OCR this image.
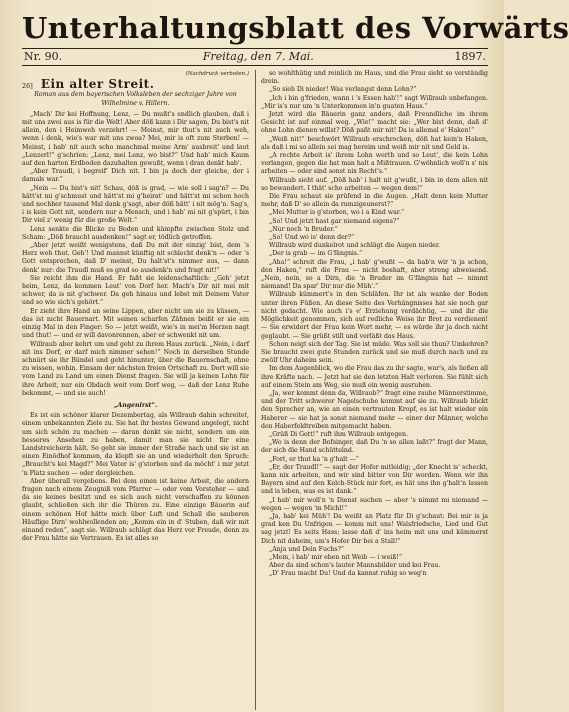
Unterhaltungsblatt des Vorwärts
Nr. 90.	Freitag, den 7. Mai.	1897.
(Nachdruck verboten.)
26] Ein alter Streit.

Roman aus dem bayerischen Volksleben der sechziger Jahre von Wilhelmine v. Hillern.

„Mach' Dir kei Hoffnung, Lenz, — Du mußt's endlich glauben, daß i mit uns zwei aus is für die Welt! Aber döß kann i Dir sagen, Du bist's nit allein, den i Heimweh verzehrt! — Meinst, mir thut's nit auch weh, wenn i denk, wie's war mit uns zwoa? Mei, mir is oft zum Sterben! — Meinst, i hab' nit auch scho manchmal meine Arm' ausbreit' und laut „Lenzerl!“ g'schrien: „Lenz, mei Lenz, wo bist?“ Und hab' mich Kaum auf den harten Erdboden dazuhalten gewußt, wenn i dran denkt hab'.

„Aber Traudl, i begreif' Dich nit. I bin ja doch der gleiche, der i damals war.“

„Nein — Du bist's nit! Schau, döß is grad, — wie soll i sag'n? — Du hätt'st mi g'schmust und hätt'st mi g'heirat' und hätt'st mi schon hoch und nochher tausend Mal dank g'sagt, aber döß hätt' i nit mög'n. Sag's, i is kein Gott nit, sondern nur a Mensch, und i hab' mi nit g'spürt, i bin Dir viel z' wenig für die große Welt.“

Lenz senkte die Blicke zu Boden und kämpfte zwischen Stolz und Scham: „Döß braucht ausdenken!“ sagt er, tödlich getroffen.

„Aber jetzt weißt wenigstens, daß Du mit der einzig' bist, dem 's Herz weh thut. Geh'! Und mannst künftig nit schlecht denk'n — oder 's Gott entsprechen, daß D' meinst, Du halt'st's nimmer aus, — dann denk' nur: die Traudl muß es grad so ausdenk'n und fragt nit!“

Sie reicht ihm die Hand. Er faßt sie leidenschaftlich: „Geh' jetzt heim, Lenz, da kommen Leut' von Dorf her. Mach's Dir nit mei mit schwer, da is nit g'schwer. Da geh hinaus und lebst mit Deinem Vater und so wie sich's gehört.“

Er zieht ihre Hand an seine Lippen, aber nicht um sie zu küssen, — das ist nicht Bauernart. Mit seinen scharfen Zähnen beißt er sie ein einzig Mal in den Finger: So — jetzt weißt, wie's in mei'm Herzen nagt und thut! — und er will davonrennen, aber er schwenkt nit um.

Willraub aber kehrt um und geht zu ihrem Haus zurück. „Nein, i darf nit ins Dorf, er darf mich nimmer sehen!“ Noch in derselben Stunde schnürt sie ihr Bündel und geht hinunter, über die Bauernschaft, ohne zu wissen, wohin. Einsam der nächsten freien Ortschaft zu. Dort will sie vom Land zu Land um einen Dienst fragen. Sie will ja keinen Lohn für ihre Arbeit, nur ein Obdach weit vom Dorf weg, — daß der Lenz Ruhe bekommt, — und sie auch!

„Angenirst“.

Es ist ein schöner klarer Dezembertag, als Willraub dahin schreitet, einem unbekannten Ziele zu. Sie hat ihr bestes Gewand angelegt, nicht um sich schön zu machen — daran denkt sie nicht, sondern um ein besseres Ansehen zu haben, damit man sie nicht für eine Landstreicherin hält. So geht sie immer der Straße nach und sie ist an einen Einödhof kommen, da klopft sie an und wiederholt den Spruch: „Braucht's kei Magd?“ Mei Vater is' g'storben und da möcht' i mir jetzt 'n Platz suchen — oder dergleichen.

Aber überall vergebens. Bei dem einen ist keine Arbeit, die andern fragen nach einem Zeugniß vom Pfarrer — oder vom Vorsteher — und da sie keines besitzt und es sich auch nicht verschaffen zu können glaubt, schließen sich ihr die Thüren zu. Eine einzige Bäuerin auf einem schönen Hof hätte mich über Luft und Schall die sauberen Häuflige Dirn' wohlwollenden an; „Komm ein in d' Stuben, daß wir mit einand reden“, sagt sie. Willraub schlägt das Herz vor Freude, denn zu der Frau hätte sie Vertrauen. Es ist alles so

so wohlthätig und reinlich im Haus, und die Frau sieht so verständig drein.

„So sieh Di nieder! Was verlangst denn Lohn?“

„Ich i bin g'frieden, wann i 's Essen hab'!“ sagt Willraub unbefangen. „Mir is's nur um 'n Unterkommen in'n guaten Haus.“

Jetzt wird die Bäuerin ganz anders, daß Freundliche im ihrem Gesicht ist auf einmal weg. „Wie!“ macht sie: „Wer bist denn, daß d' ohne Lohn dienen willst? Döß paßt mir nit! Da is allemal e' Haken!“

„Weiß nit!“ beschwört Willraub erschrocken, döß hat kein'n Haken, als daß i mi so allein sei mag hereim und weiß mir nit und Geld is.

„A rechte Arbeit is' ihrem Lohn werth und so Leut', die kein Lohn verlangen, gegen die hat man halt a Mißtrauen. G'wöhnlich woll'n s' nix arbeiten — oder sind sonst nix Recht's.“

Willraub sieht auf. „Döß hab' i halt nit g'wußt, i bin in dem allen nit so bewandert. I thät' scho arbeiten — wegen dem!“

Die Frau schaut sie prüfend in die Augen. „Halt denn kein Mutter mehr, daß D' so allein da rumzigeunerst?“

„Mei Mutter is g'storben, wo i a Kind war.“

„So! Und jetzt hast gar niemand eigens?“

„Nur noch 'n Bruder.“

„So! Und wo is' denn der?“

Willraub wird dunkelrot und schlägt die Augen nieder.

„Der is grab — im G'fängnis.“

„Aha!“ schreit die Frau, „i hab' g'wußt — da hab'n wir 'n ja schon, den Haken,“ ruft die Frau — nicht boshaft, aber streng abweisend. „Nein, nein, so a Dirn, die 'n Bruder im G'fängnis hat — nimmt niemand! Da spar' Dir nur die Müh'.“

Willraub kümmert's in den Schläfen. Ihr ist als wanke der Boden unter ihren Füßen. An diese Seite des Verhängnisses hat sie noch gar nicht gedacht. Wie auch i's e' Erziehung verdächtig, — und ihr die Möglichkeit genommen, sich auf redliche Weise ihr Brot zu verdienen! — Sie erwidert der Frau kein Wort mehr, — es würde ihr ja doch nicht geglaubt. — Sie grüßt still und verläßt das Haus.

Schon neigt sich der Tag. Sie ist müde. Was soll sie thun? Umkehren? Sie braucht zwei gute Stunden zurück und sie muß durch nach und zu zwölf Uhr daheim sein.

Im dem Augenblick, wo die Frau das zu ihr sagte, war's, als ließen all ihre Kräfte nach. — Jetzt hat sie den letzten Halt verloren. Sie fühlt sich auf einem Stein am Weg, sie muß ein wenig ausruhen.

„Ja, wer kommt denn da, Willraub?“ fragt eine rauhe Männerstimme, und der Tritt schwerer Nagelschuhe kommt auf sie zu. Willraub blickt den Sprecher an, wie an einen vertrauten Kropf, es ist halt wieder ein Haberer — sie hat ja sonst niemand mehr — einer der Männer, welche den Haberfeldtreiben mitgemacht haben.

„Grüß Di Gott!“ ruft ihm Willraub entgegen.

„Wo is denn der Bofsinger, daß Du 'n so allen laßt?“ fragt der Mann, der sich die Hand schüttelnd.

„Fort, er thut ka 'n g'halt —“

„Er, der Traudl!“ — sagt der Hofer mitleidig; „der Knecht is' scheckt, kann nix arbeiten, und wir sind bitter von Dir worden. Wenn wir ihn Bayern sind auf den Kelch-Stück mir fort, es hät uns ihn g'halt'n lassen und is leben, was es ist dank.“

„I hab' mir woll'n 'n Dienst suchen — aber 's nimmt mi niemand — wegen — wegen 'm Michl!“

„Ja, hab' kei Müh'! Da weißt an Platz für Di g'schaut: Bei mir is ja grad ken Du Unfrigen — komm mit uns! Walsfriedsche, Lied und Gut sag jetzt! Es seits Hass; lasse daß d' ins heim mit uns und kümmerst Dich nit daheim, um's Hofer Dir bei a Stall!“

„Anja und Dein Fuchs?“

„Mein, i hab' mir eben nit Weib — i weiß!“

Aber da sind schon's lauter Mannsbilder und kei Frau.

„D' Frau macht Du! Und da kannst ruhig so weg'n
